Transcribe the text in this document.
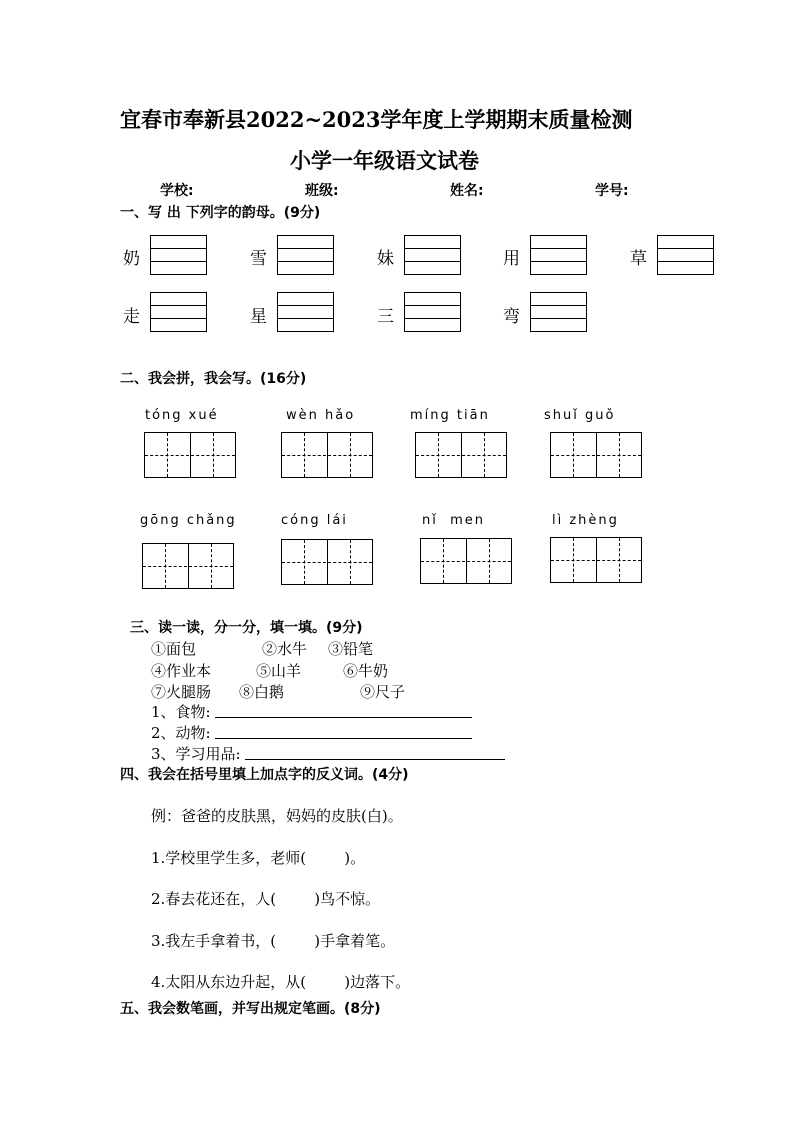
宜春市奉新县2022~2023学年度上学期期末质量检测
小学一年级语文试卷
学校:	班级:	姓名:	学号:
一、写 出 下列字的韵母。(9分)
奶	雪	妹	用	草
走	星	三	弯
二、我会拼，我会写。(16分)
tóng xué	wèn hǎo	míng tiān	shuǐ guǒ
gōng chǎng	cóng lái	nǐ  men	lì zhèng
三、读一读，分一分，填一填。(9分)
①面包	②水牛 ③铅笔
④作业本	⑤山羊	⑥牛奶
⑦火腿肠 ⑧白鹅	⑨尺子
1、食物:
2、动物:
3、学习用品:
四、我会在括号里填上加点字的反义词。(4分)
例：爸爸的皮肤黑，妈妈的皮肤(白)。
1.学校里学生多，老师(        )。
2.春去花还在，人(        )鸟不惊。
3.我左手拿着书，(        )手拿着笔。
4.太阳从东边升起，从(        )边落下。
五、我会数笔画，并写出规定笔画。(8分)
